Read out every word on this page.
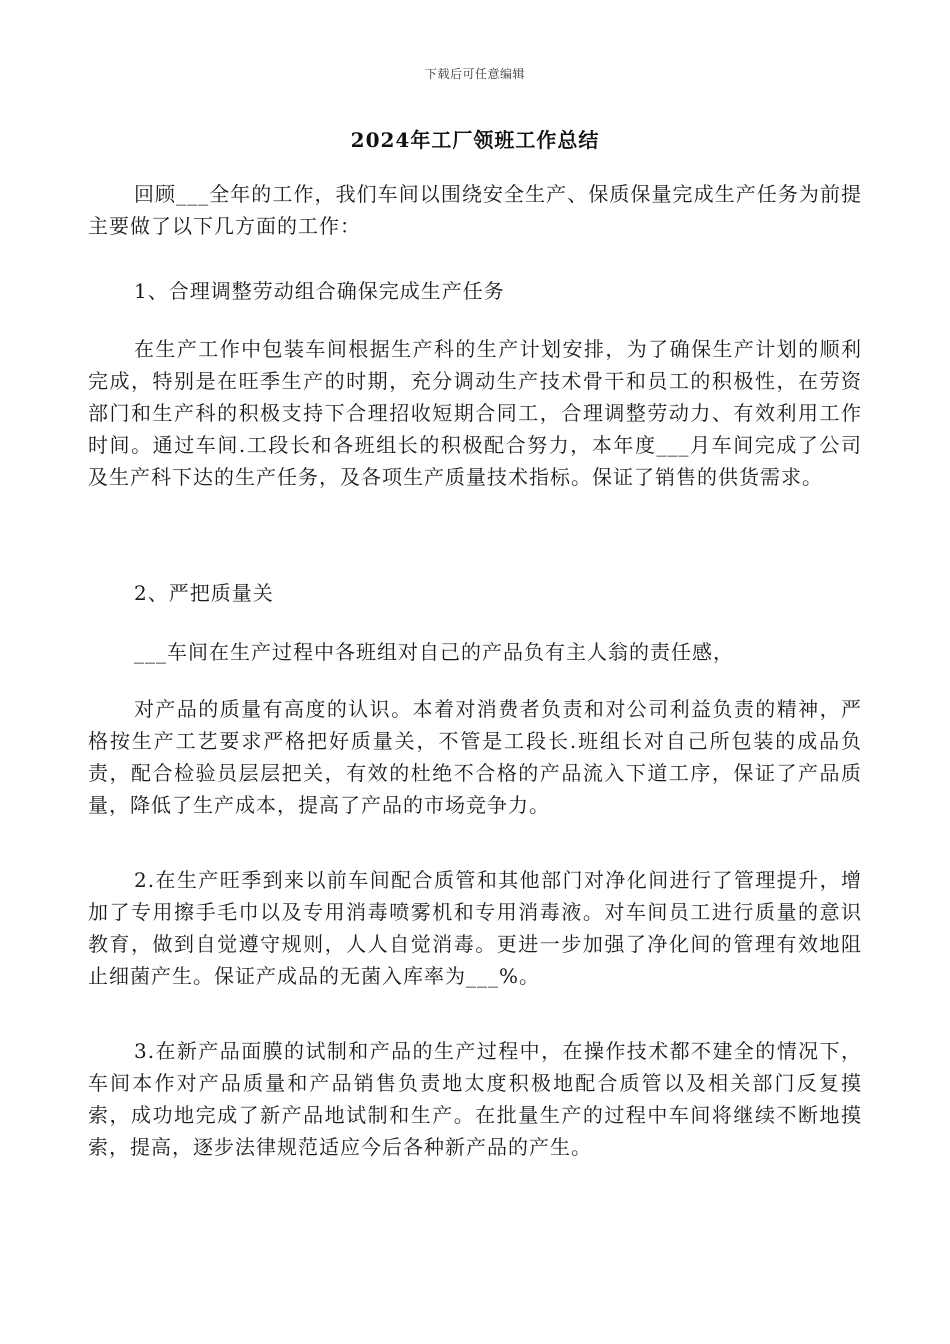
下载后可任意编辑
2024年工厂领班工作总结

回顾___全年的工作，我们车间以围绕安全生产、保质保量完成生产任务为前提主要做了以下几方面的工作：

1、合理调整劳动组合确保完成生产任务

在生产工作中包装车间根据生产科的生产计划安排，为了确保生产计划的顺利完成，特别是在旺季生产的时期，充分调动生产技术骨干和员工的积极性，在劳资部门和生产科的积极支持下合理招收短期合同工，合理调整劳动力、有效利用工作时间。通过车间.工段长和各班组长的积极配合努力，本年度___月车间完成了公司及生产科下达的生产任务，及各项生产质量技术指标。保证了销售的供货需求。

2、严把质量关

___车间在生产过程中各班组对自己的产品负有主人翁的责任感，

对产品的质量有高度的认识。本着对消费者负责和对公司利益负责的精神，严格按生产工艺要求严格把好质量关，不管是工段长.班组长对自己所包装的成品负责，配合检验员层层把关，有效的杜绝不合格的产品流入下道工序，保证了产品质量，降低了生产成本，提高了产品的市场竞争力。

2.在生产旺季到来以前车间配合质管和其他部门对净化间进行了管理提升，增加了专用擦手毛巾以及专用消毒喷雾机和专用消毒液。对车间员工进行质量的意识教育，做到自觉遵守规则，人人自觉消毒。更进一步加强了净化间的管理有效地阻止细菌产生。保证产成品的无菌入库率为___%。

3.在新产品面膜的试制和产品的生产过程中，在操作技术都不建全的情况下，车间本作对产品质量和产品销售负责地太度积极地配合质管以及相关部门反复摸索，成功地完成了新产品地试制和生产。在批量生产的过程中车间将继续不断地摸索，提高，逐步法律规范适应今后各种新产品的产生。
